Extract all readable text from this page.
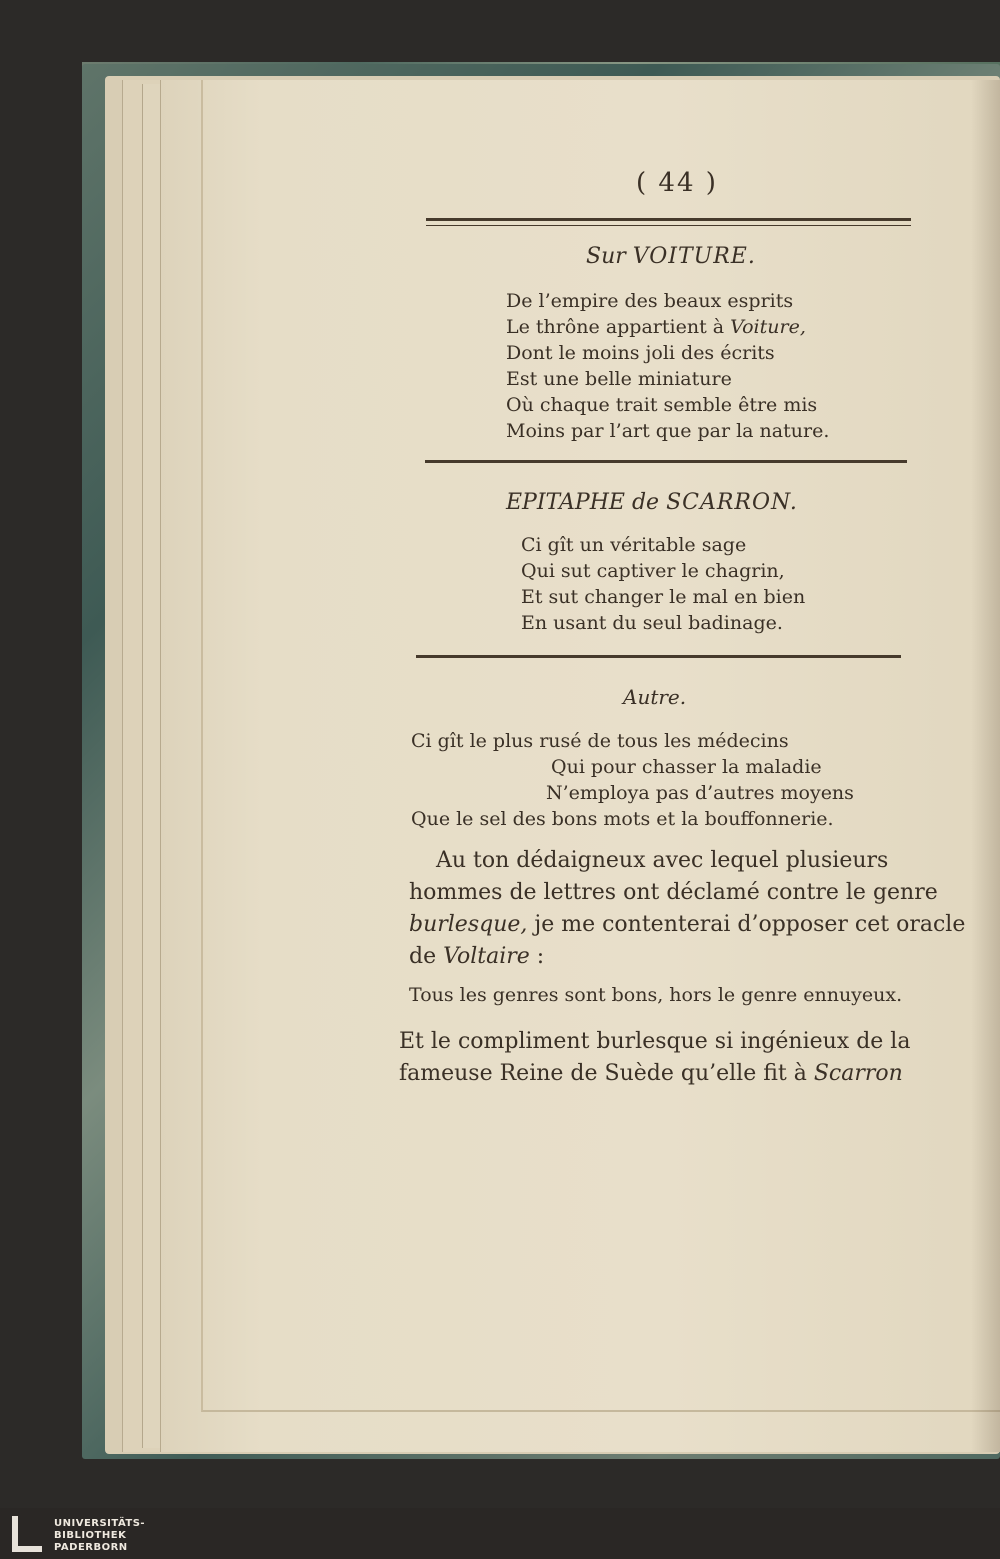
( 44 )
Sur VOITURE.
De l’empire des beaux esprits
Le thrône appartient à Voiture,
Dont le moins joli des écrits
Est une belle miniature
Où chaque trait semble être mis
Moins par l’art que par la nature.
EPITAPHE de SCARRON.
Ci gît un véritable sage
Qui sut captiver le chagrin,
Et sut changer le mal en bien
En usant du seul badinage.
Autre.
Ci gît le plus rusé de tous les médecins
Qui pour chasser la maladie
N’employa pas d’autres moyens
Que le sel des bons mots et la bouffonnerie.
Au ton dédaigneux avec lequel plusieurs
hommes de lettres ont déclamé contre le genre
burlesque, je me contenterai d’opposer cet oracle
de Voltaire :
Tous les genres sont bons, hors le genre ennuyeux.
Et le compliment burlesque si ingénieux de la
fameuse Reine de Suède qu’elle fit à Scarron
UNIVERSITÄTS-
BIBLIOTHEK
PADERBORN
